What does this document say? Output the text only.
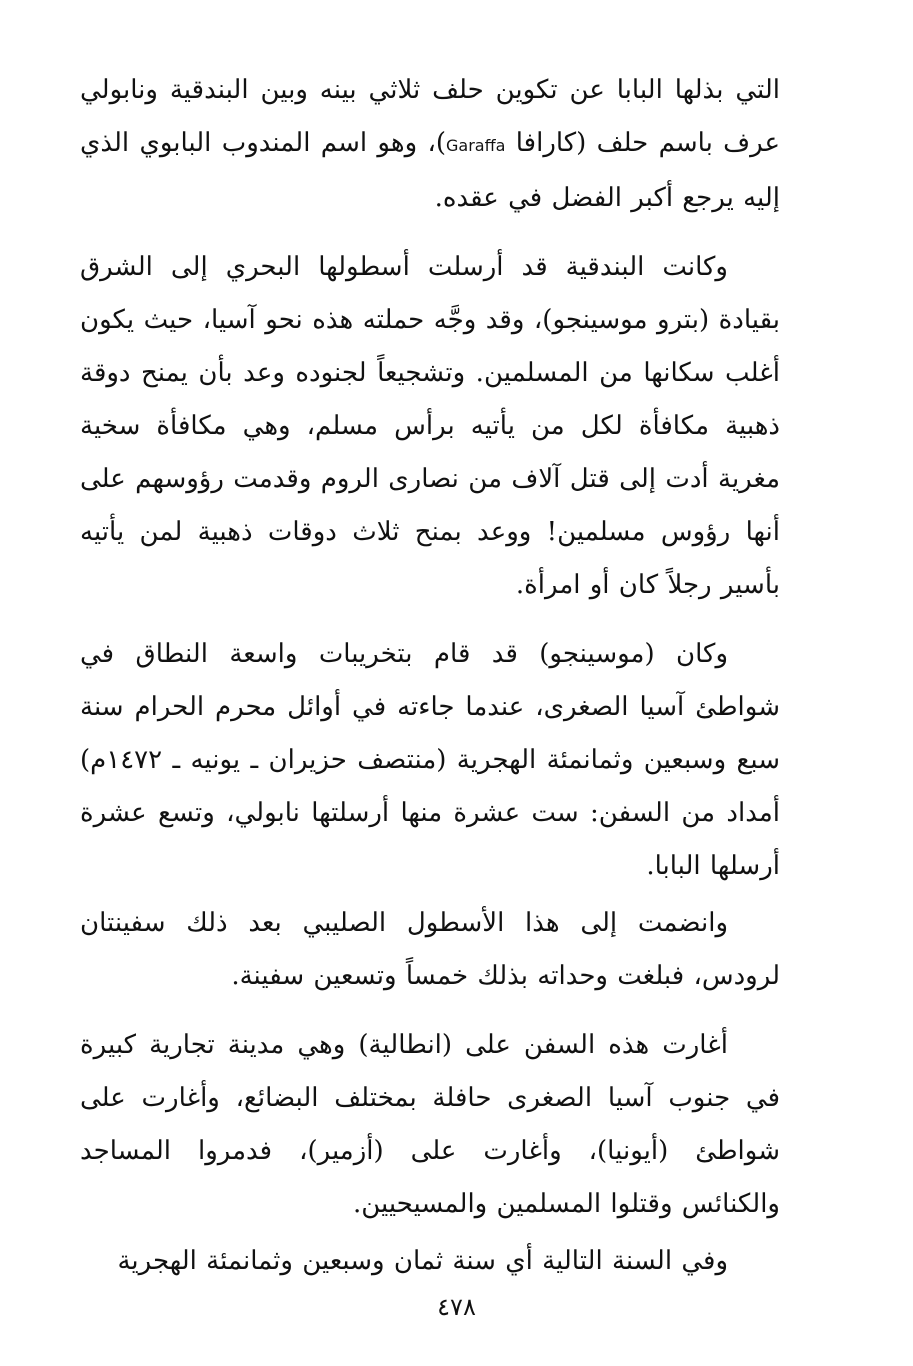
التي بذلها البابا عن تكوين حلف ثلاثي بينه وبين البندقية ونابولي عرف باسم حلف (كارافا Garaffa)، وهو اسم المندوب البابوي الذي إليه يرجع أكبر الفضل في عقده.

وكانت البندقية قد أرسلت أسطولها البحري إلى الشرق بقيادة (بترو موسينجو)، وقد وجَّه حملته هذه نحو آسيا، حيث يكون أغلب سكانها من المسلمين. وتشجيعاً لجنوده وعد بأن يمنح دوقة ذهبية مكافأة لكل من يأتيه برأس مسلم، وهي مكافأة سخية مغرية أدت إلى قتل آلاف من نصارى الروم وقدمت رؤوسهم على أنها رؤوس مسلمين! ووعد بمنح ثلاث دوقات ذهبية لمن يأتيه بأسير رجلاً كان أو امرأة.

وكان (موسينجو) قد قام بتخريبات واسعة النطاق في شواطئ آسيا الصغرى، عندما جاءته في أوائل محرم الحرام سنة سبع وسبعين وثمانمئة الهجرية (منتصف حزيران ـ يونيه ـ ١٤٧٢م) أمداد من السفن: ست عشرة منها أرسلتها نابولي، وتسع عشرة أرسلها البابا.

وانضمت إلى هذا الأسطول الصليبي بعد ذلك سفينتان لرودس، فبلغت وحداته بذلك خمساً وتسعين سفينة.

أغارت هذه السفن على (انطالية) وهي مدينة تجارية كبيرة في جنوب آسيا الصغرى حافلة بمختلف البضائع، وأغارت على شواطئ (أيونيا)، وأغارت على (أزمير)، فدمروا المساجد والكنائس وقتلوا المسلمين والمسيحيين.

وفي السنة التالية أي سنة ثمان وسبعين وثمانمئة الهجرية

٤٧٨
